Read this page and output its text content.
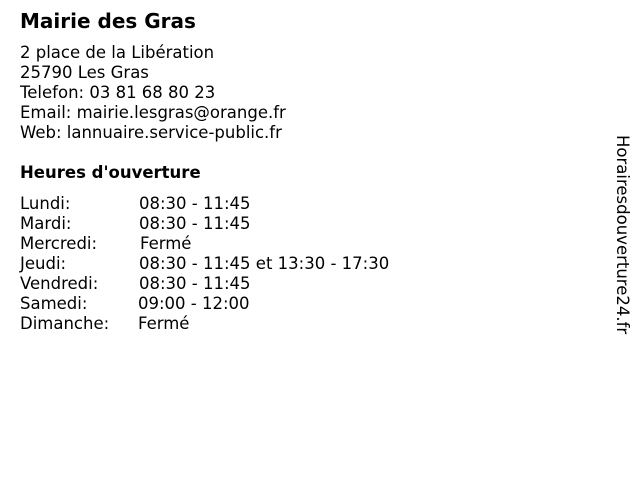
Mairie des Gras
2 place de la Libération
25790 Les Gras
Telefon: 03 81 68 80 23
Email: mairie.lesgras@orange.fr
Web: lannuaire.service-public.fr
Heures d'ouverture
Lundi:	08:30 - 11:45
Mardi:	08:30 - 11:45
Mercredi:	Fermé
Jeudi:	08:30 - 11:45 et 13:30 - 17:30
Vendredi: 08:30 - 11:45
Samedi:	09:00 - 12:00
Dimanche: Fermé	Horairesdouverture24.fr
